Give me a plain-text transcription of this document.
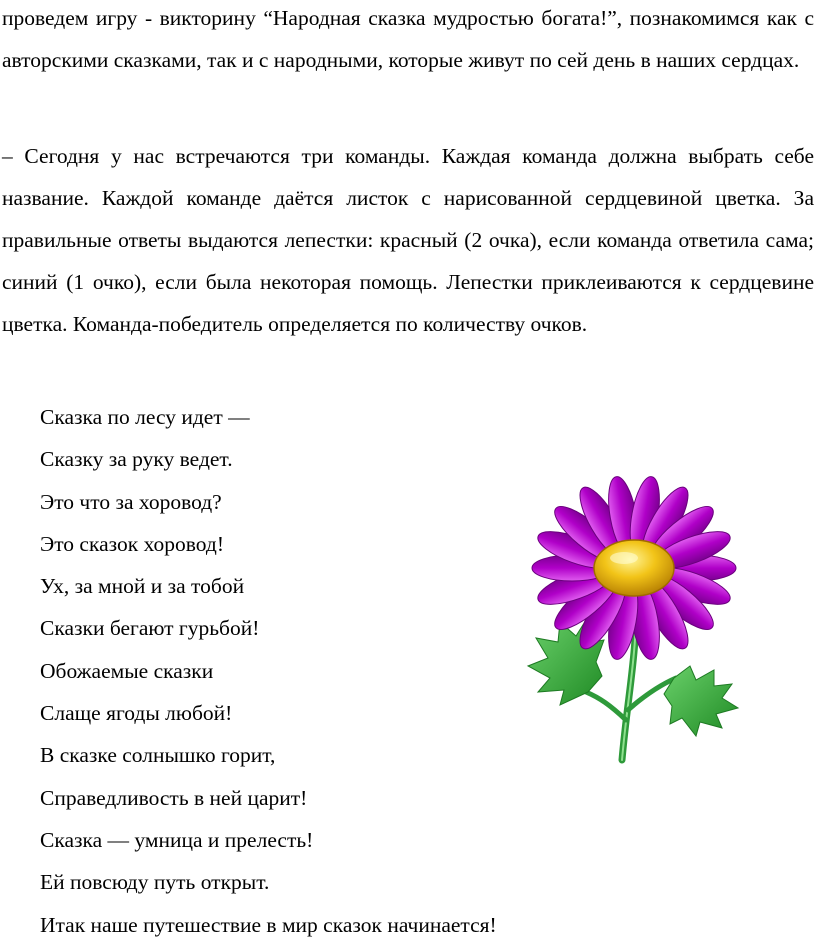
проведем игру - викторину “Народная сказка мудростью богата!”, познакомимся как с авторскими сказками, так и с народными, которые живут по сей день в наших сердцах.

– Сегодня у нас встречаются три команды. Каждая команда должна выбрать себе название. Каждой команде даётся листок с нарисованной сердцевиной цветка. За правильные ответы выдаются лепестки: красный (2 очка), если команда ответила сама; синий (1 очко), если была некоторая помощь. Лепестки приклеиваются к сердцевине цветка. Команда-победитель определяется по количеству очков.

Сказка по лесу идет —
Сказку за руку ведет.
Это что за хоровод?
Это сказок хоровод!
Ух, за мной и за тобой
Сказки бегают гурьбой!
Обожаемые сказки
Слаще ягоды любой!
В сказке солнышко горит,
Справедливость в ней царит!
Сказка — умница и прелесть!
Ей повсюду путь открыт.
Итак наше путешествие в мир сказок начинается!
